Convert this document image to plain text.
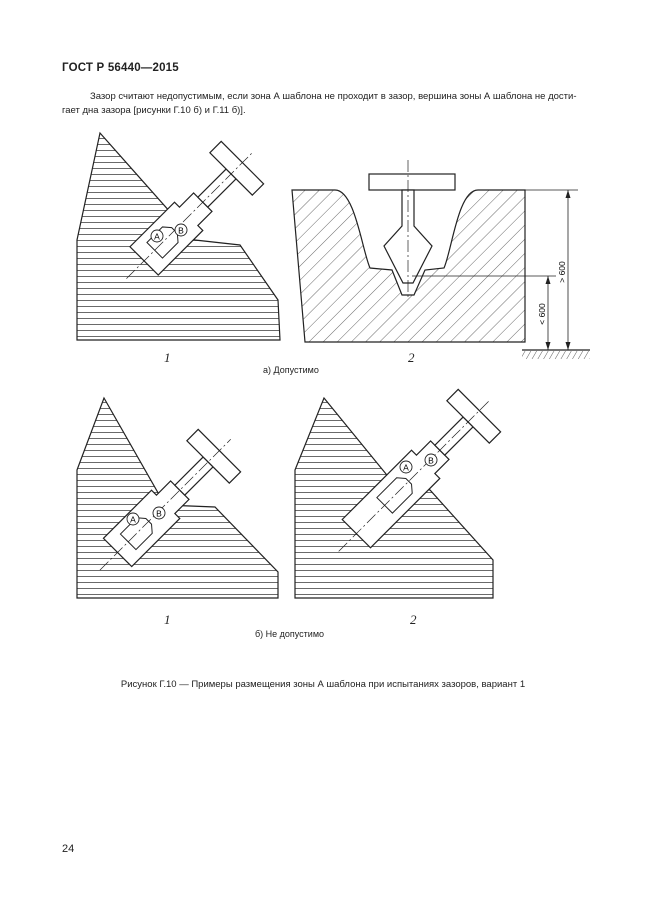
ГОСТ Р 56440—2015
Зазор считают недопустимым, если зона А шаблона не проходит в зазор, вершина зоны А шаблона не дости-
гает дна зазора [рисунки Г.10 б) и Г.11 б)].
A
B
> 600
< 600
A
B
A
B
1	2
а) Допустимо
1	2
б) Не допустимо
Рисунок Г.10 — Примеры размещения зоны А шаблона при испытаниях зазоров, вариант 1
24
